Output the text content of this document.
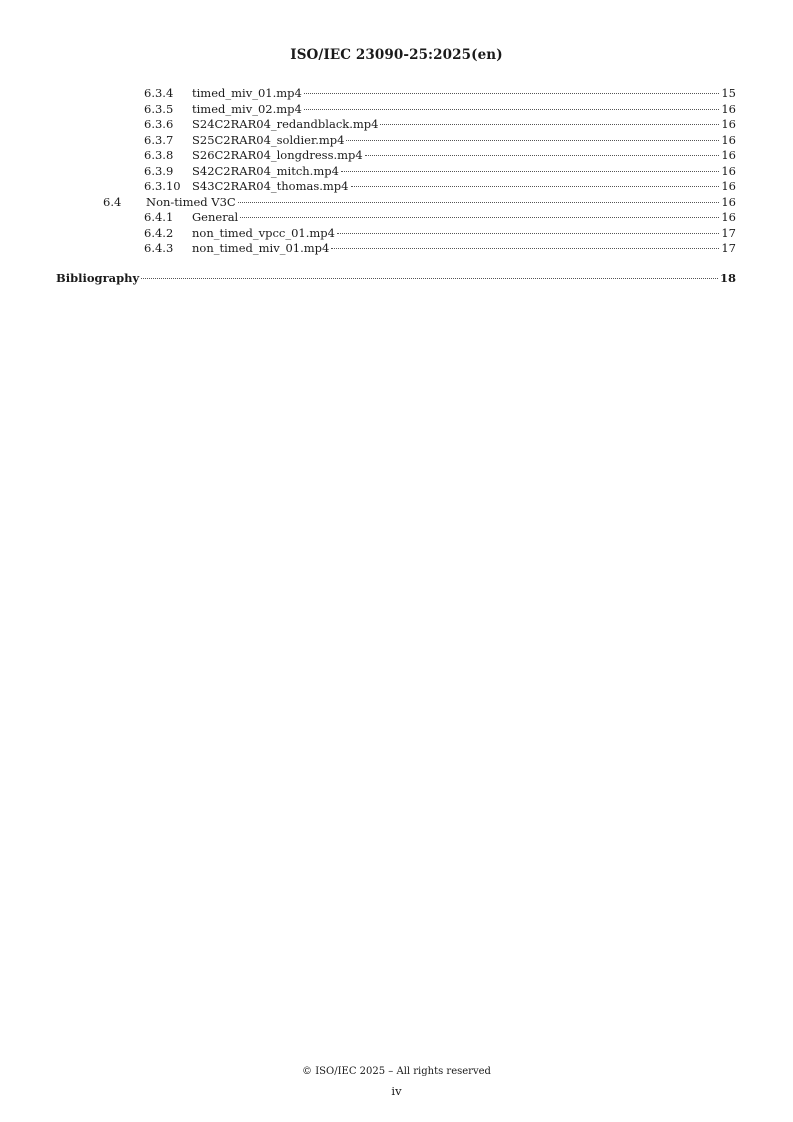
ISO/IEC 23090-25:2025(en)
6.3.4	timed_miv_01.mp4	15
6.3.5	timed_miv_02.mp4	16
6.3.6	S24C2RAR04_redandblack.mp4	16
6.3.7	S25C2RAR04_soldier.mp4	16
6.3.8	S26C2RAR04_longdress.mp4	16
6.3.9	S42C2RAR04_mitch.mp4	16
6.3.10 S43C2RAR04_thomas.mp4	16
6.4	Non-timed V3C	16
6.4.1	General	16
6.4.2	non_timed_vpcc_01.mp4	17
6.4.3	non_timed_miv_01.mp4	17
Bibliography	18
© ISO/IEC 2025 – All rights reserved
iv
